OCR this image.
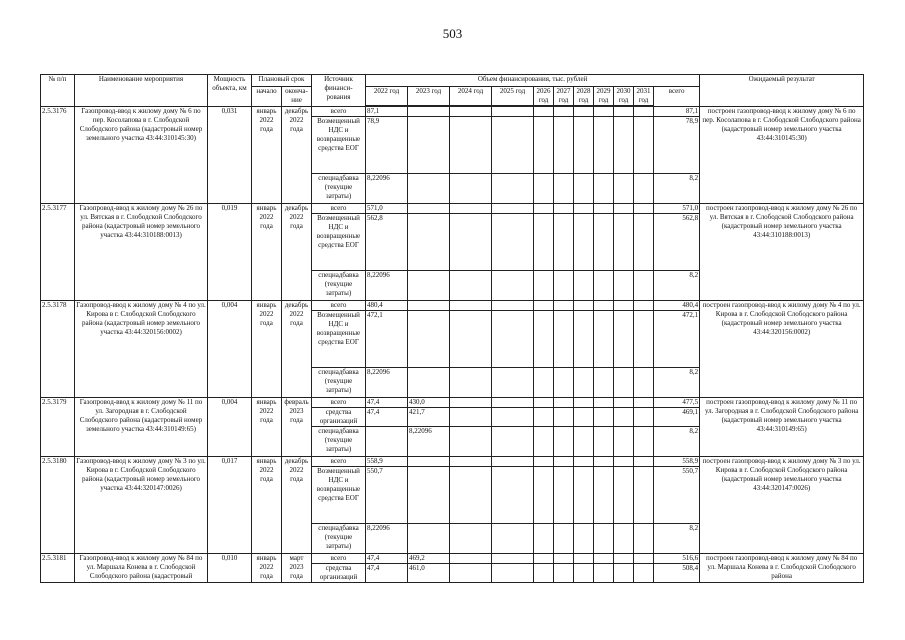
503
№ п/п	Наименование мероприятия	Мощность объекта, км	Плановый срок		Источник финанси-рования	Объем финансирования, тыс. рублей											Ожидаемый результат
			начало	оконча-ние		2022 год	2023 год	2024 год	2025 год	2026 год	2027 год	2028 год	2029 год	2030 год	2031 год	всего	

2.5.3176	Газопровод-ввод к жилому дому № 6 по пер. Косолапова в г. Слободской Слободского района (кадастровый номер земельного участка 43:44:310145:30)	0,031	январь 2022 года	декабрь 2022 года	всего	87,1										87,1	построен газопровод-ввод к жилому дому № 6 по пер. Косолапова в г. Слободской Слободского района (кадастровый номер земельного участка 43:44:310145:30)
					Возмещенный НДС и возвращенные средства ЕОГ	78,9										78,9	
					спецнадбавка (текущие затраты)	8,22096										8,2	
2.5.3177	Газопровод-ввод к жилому дому № 26 по ул. Вятская в г. Слободской Слободского района (кадастровый номер земельного участка 43:44:310188:0013)	0,019	январь 2022 года	декабрь 2022 года	всего	571,0										571,0	построен газопровод-ввод к жилому дому № 26 по ул. Вятская в г. Слободской Слободского района (кадастровый номер земельного участка 43:44:310188:0013)
					Возмещенный НДС и возвращенные средства ЕОГ	562,8										562,8	
					спецнадбавка (текущие затраты)	8,22096										8,2	
2.5.3178	Газопровод-ввод к жилому дому № 4 по ул. Кирова в г. Слободской Слободского района (кадастровый номер земельного участка 43:44:320156:0002)	0,004	январь 2022 года	декабрь 2022 года	всего	480,4										480,4	построен газопровод-ввод к жилому дому № 4 по ул. Кирова в г. Слободской Слободского района (кадастровый номер земельного участка 43:44:320156:0002)
					Возмещенный НДС и возвращенные средства ЕОГ	472,1										472,1	
					спецнадбавка (текущие затраты)	8,22096										8,2	
2.5.3179	Газопровод-ввод к жилому дому № 11 по ул. Загородная в г. Слободской Слободского района (кадастровый номер земельного участка 43:44:310149:65)	0,004	январь 2022 года	февраль 2023 года	всего	47,4	430,0									477,5	построен газопровод-ввод к жилому дому № 11 по ул. Загородная в г. Слободской Слободского района (кадастровый номер земельного участка 43:44:310149:65)
					средства организаций	47,4	421,7									469,1	
					спецнадбавка (текущие затраты)		8,22096									8,2	
2.5.3180	Газопровод-ввод к жилому дому № 3 по ул. Кирова в г. Слободской Слободского района (кадастровый номер земельного участка 43:44:320147:0026)	0,017	январь 2022 года	декабрь 2022 года	всего	558,9										558,9	построен газопровод-ввод к жилому дому № 3 по ул. Кирова в г. Слободской Слободского района (кадастровый номер земельного участка 43:44:320147:0026)
					Возмещенный НДС и возвращенные средства ЕОГ	550,7										550,7	
					спецнадбавка (текущие затраты)	8,22096										8,2	
2.5.3181	Газопровод-ввод к жилому дому № 84 по ул. Маршала Конева в г. Слободской Слободского района (кадастровый	0,010	январь 2022 года	март 2023 года	всего	47,4	469,2									516,6	построен газопровод-ввод к жилому дому № 84 по ул. Маршала Конева в г. Слободской Слободского района
					средства организаций	47,4	461,0									508,4	
